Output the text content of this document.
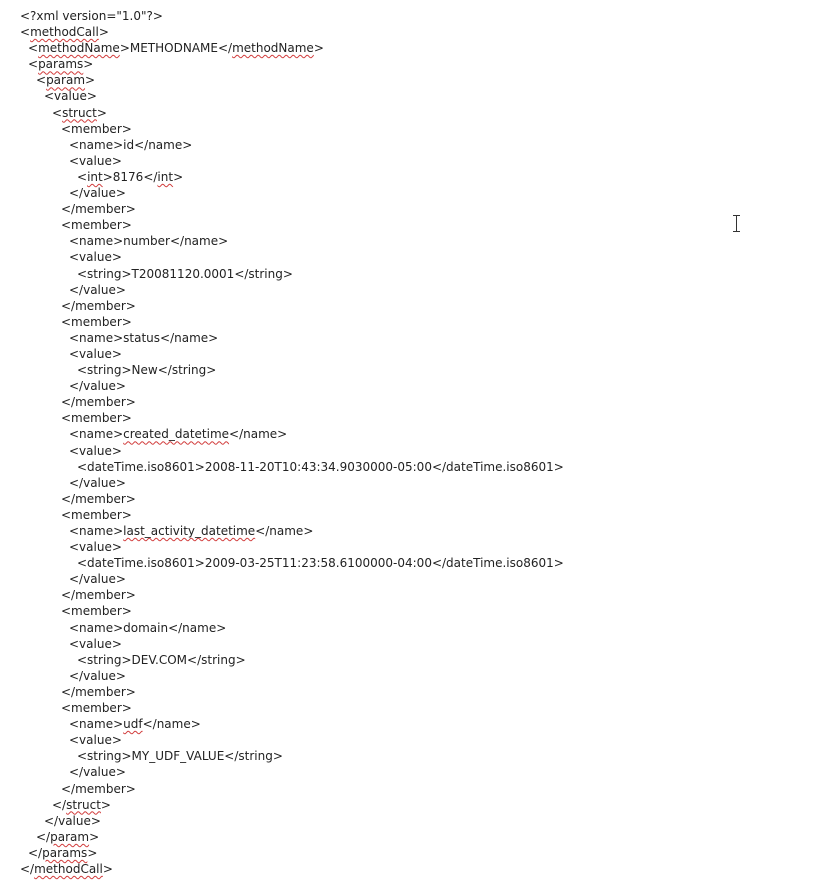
<?xml version="1.0"?>
<methodCall>
<methodName>METHODNAME</methodName>
<params>
<param>
<value>
<struct>
<member>
<name>id</name>
<value>
<int>8176</int>
</value>
</member>
<member>
<name>number</name>
<value>
<string>T20081120.0001</string>
</value>
</member>
<member>
<name>status</name>
<value>
<string>New</string>
</value>
</member>
<member>
<name>created_datetime</name>
<value>
<dateTime.iso8601>2008-11-20T10:43:34.9030000-05:00</dateTime.iso8601>
</value>
</member>
<member>
<name>last_activity_datetime</name>
<value>
<dateTime.iso8601>2009-03-25T11:23:58.6100000-04:00</dateTime.iso8601>
</value>
</member>
<member>
<name>domain</name>
<value>
<string>DEV.COM</string>
</value>
</member>
<member>
<name>udf</name>
<value>
<string>MY_UDF_VALUE</string>
</value>
</member>
</struct>
</value>
</param>
</params>
</methodCall>
